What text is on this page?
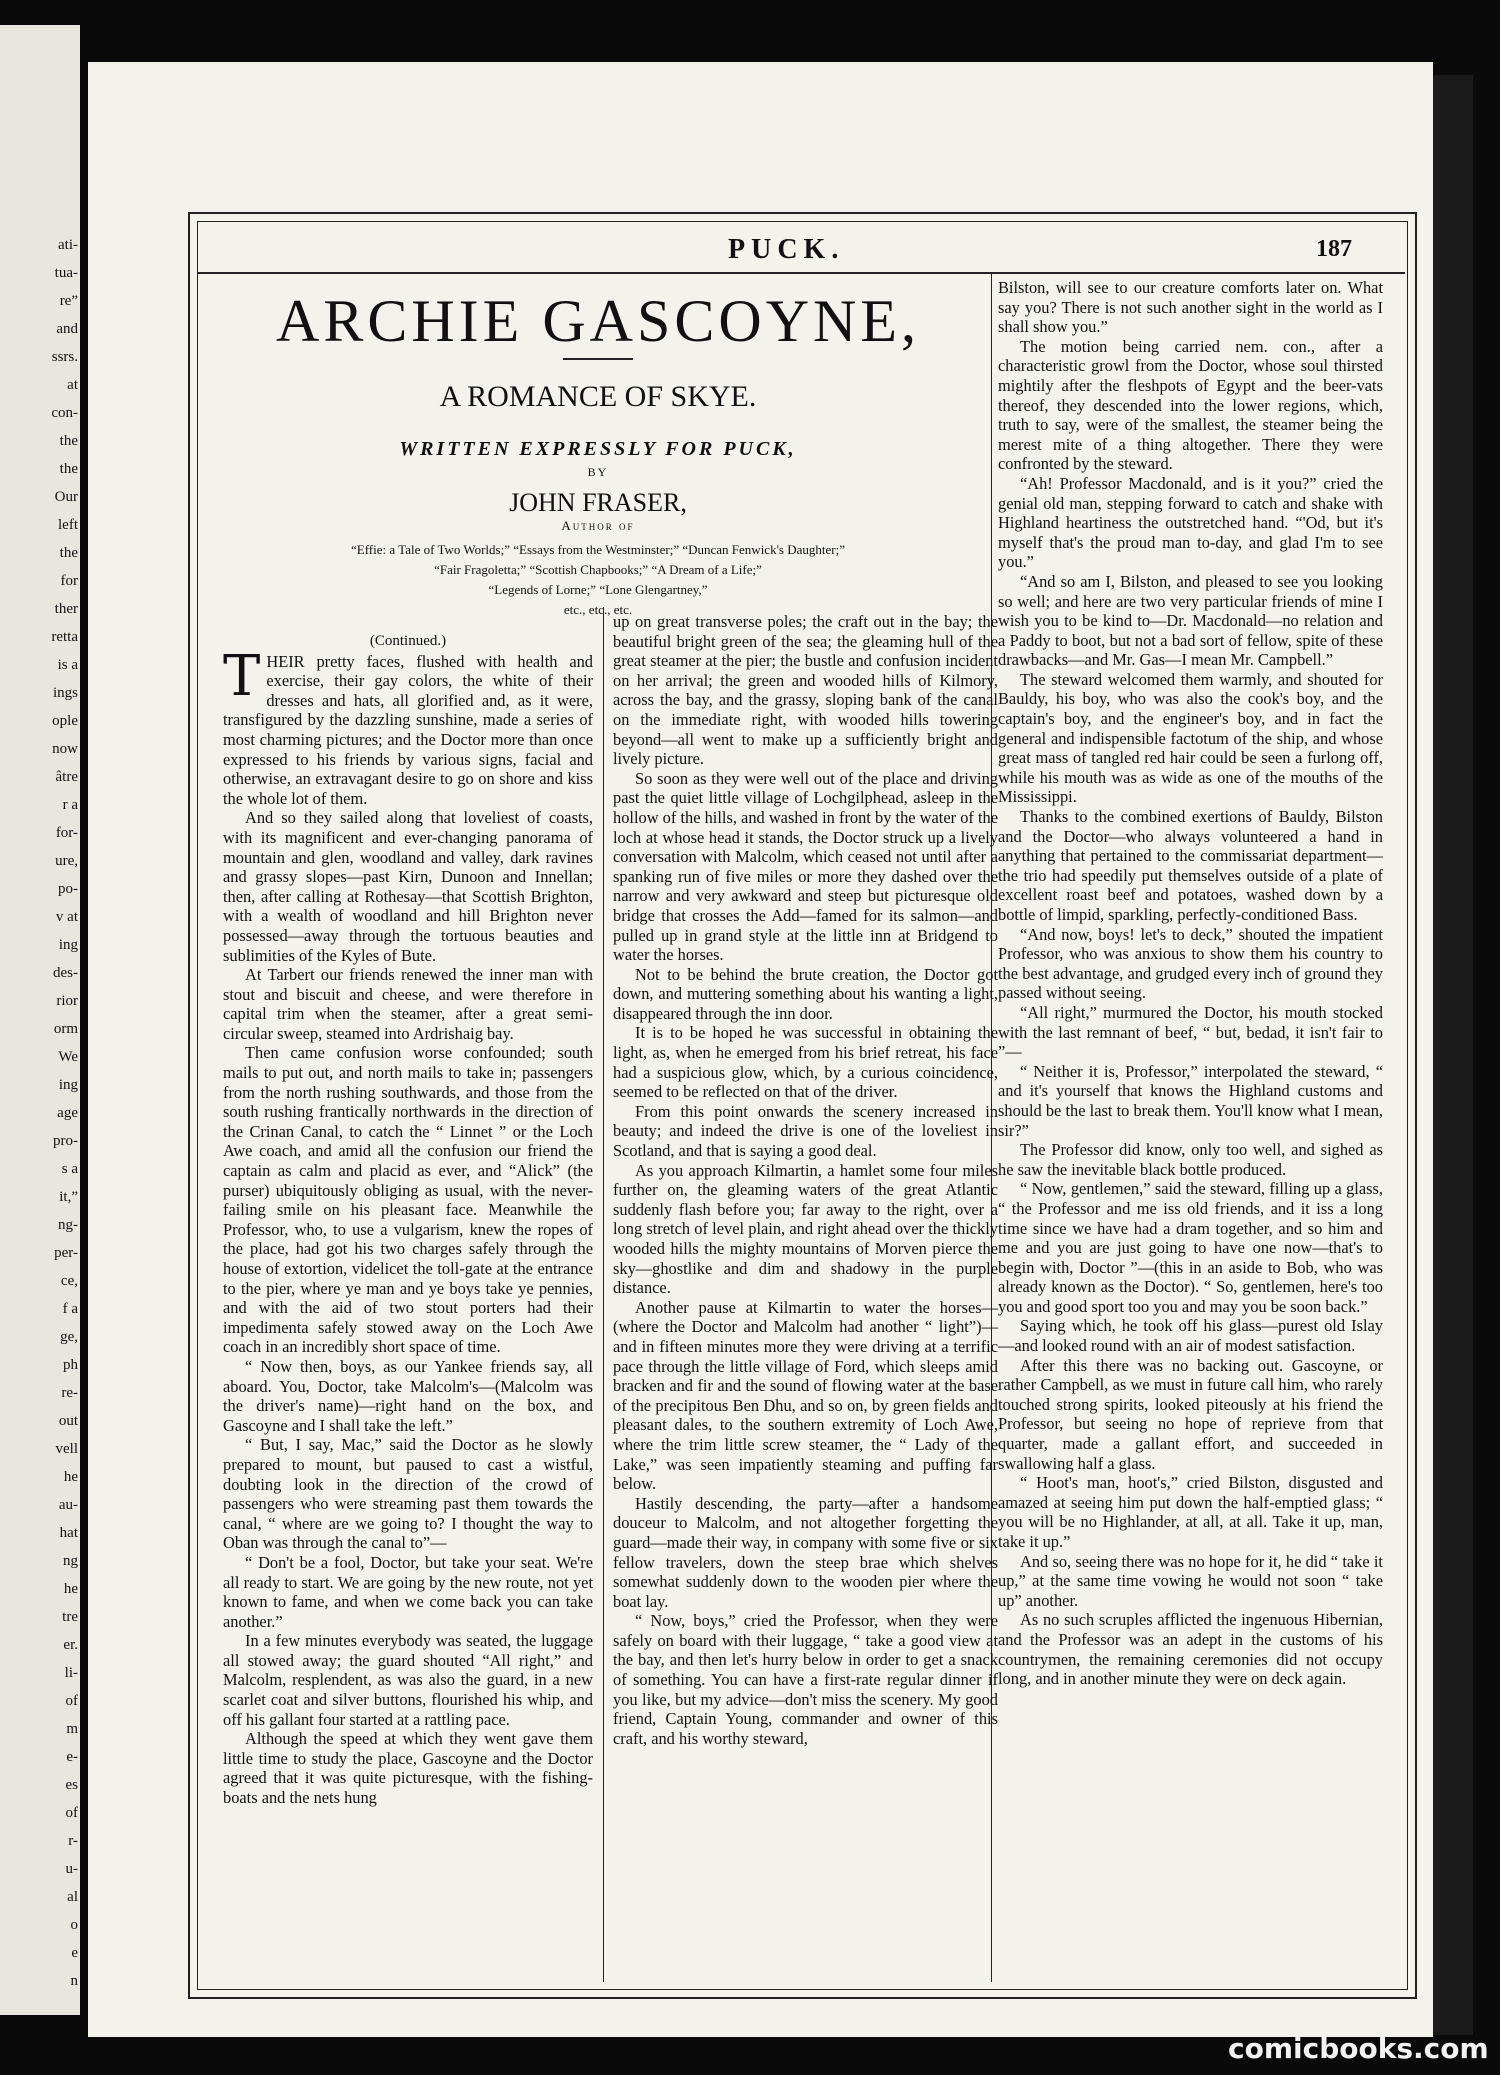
ati-
tua-
re”
and
ssrs.
at
con-
the
the
Our
left
the
for
ther
retta
is a
ings
ople
now
âtre
r a
for-
ure,
po-
v at
ing
des-
rior
orm
We
ing
age
pro-
s a
it,”
ng-
per-
ce,
f a
ge,
ph
re-
out
vell
he
au-
hat
ng
he
tre
er.
li-
of
m
e-
es
of
r-
u-
al
o
e
n
PUCK.	187
ARCHIE GASCOYNE,
A ROMANCE OF SKYE.
WRITTEN EXPRESSLY FOR PUCK,
BY
JOHN FRASER,
Author of
“Effie: a Tale of Two Worlds;” “Essays from the Westminster;” “Duncan Fenwick's Daughter;”
“Fair Fragoletta;” “Scottish Chapbooks;” “A Dream of a Life;”
“Legends of Lorne;” “Lone Glengartney,”
etc., etc., etc.
(Continued.)

THEIR pretty faces, flushed with health and exercise, their gay colors, the white of their dresses and hats, all glorified and, as it were, transfigured by the dazzling sunshine, made a series of most charming pictures; and the Doctor more than once expressed to his friends by various signs, facial and otherwise, an extravagant desire to go on shore and kiss the whole lot of them.

And so they sailed along that loveliest of coasts, with its magnificent and ever-changing panorama of mountain and glen, woodland and valley, dark ravines and grassy slopes—past Kirn, Dunoon and Innellan; then, after calling at Rothesay—that Scottish Brighton, with a wealth of woodland and hill Brighton never possessed—away through the tortuous beauties and sublimities of the Kyles of Bute.

At Tarbert our friends renewed the inner man with stout and biscuit and cheese, and were therefore in capital trim when the steamer, after a great semi-circular sweep, steamed into Ardrishaig bay.

Then came confusion worse confounded; south mails to put out, and north mails to take in; passengers from the north rushing southwards, and those from the south rushing frantically northwards in the direction of the Crinan Canal, to catch the “ Linnet ” or the Loch Awe coach, and amid all the confusion our friend the captain as calm and placid as ever, and “Alick” (the purser) ubiquitously obliging as usual, with the never-failing smile on his pleasant face. Meanwhile the Professor, who, to use a vulgarism, knew the ropes of the place, had got his two charges safely through the house of extortion, videlicet the toll-gate at the entrance to the pier, where ye man and ye boys take ye pennies, and with the aid of two stout porters had their impedimenta safely stowed away on the Loch Awe coach in an incredibly short space of time.

“ Now then, boys, as our Yankee friends say, all aboard. You, Doctor, take Malcolm's—(Malcolm was the driver's name)—right hand on the box, and Gascoyne and I shall take the left.”

“ But, I say, Mac,” said the Doctor as he slowly prepared to mount, but paused to cast a wistful, doubting look in the direction of the crowd of passengers who were streaming past them towards the canal, “ where are we going to? I thought the way to Oban was through the canal to”—

“ Don't be a fool, Doctor, but take your seat. We're all ready to start. We are going by the new route, not yet known to fame, and when we come back you can take another.”

In a few minutes everybody was seated, the luggage all stowed away; the guard shouted “All right,” and Malcolm, resplendent, as was also the guard, in a new scarlet coat and silver buttons, flourished his whip, and off his gallant four started at a rattling pace.

Although the speed at which they went gave them little time to study the place, Gascoyne and the Doctor agreed that it was quite picturesque, with the fishing-boats and the nets hung

up on great transverse poles; the craft out in the bay; the beautiful bright green of the sea; the gleaming hull of the great steamer at the pier; the bustle and confusion incident on her arrival; the green and wooded hills of Kilmory, across the bay, and the grassy, sloping bank of the canal on the immediate right, with wooded hills towering beyond—all went to make up a sufficiently bright and lively picture.

So soon as they were well out of the place and driving past the quiet little village of Lochgilphead, asleep in the hollow of the hills, and washed in front by the water of the loch at whose head it stands, the Doctor struck up a lively conversation with Malcolm, which ceased not until after a spanking run of five miles or more they dashed over the narrow and very awkward and steep but picturesque old bridge that crosses the Add—famed for its salmon—and pulled up in grand style at the little inn at Bridgend to water the horses.

Not to be behind the brute creation, the Doctor got down, and muttering something about his wanting a light, disappeared through the inn door.

It is to be hoped he was successful in obtaining the light, as, when he emerged from his brief retreat, his face had a suspicious glow, which, by a curious coincidence, seemed to be reflected on that of the driver.

From this point onwards the scenery increased in beauty; and indeed the drive is one of the loveliest in Scotland, and that is saying a good deal.

As you approach Kilmartin, a hamlet some four miles further on, the gleaming waters of the great Atlantic suddenly flash before you; far away to the right, over a long stretch of level plain, and right ahead over the thickly wooded hills the mighty mountains of Morven pierce the sky—ghostlike and dim and shadowy in the purple distance.

Another pause at Kilmartin to water the horses—(where the Doctor and Malcolm had another “ light”)—and in fifteen minutes more they were driving at a terrific pace through the little village of Ford, which sleeps amid bracken and fir and the sound of flowing water at the base of the precipitous Ben Dhu, and so on, by green fields and pleasant dales, to the southern extremity of Loch Awe, where the trim little screw steamer, the “ Lady of the Lake,” was seen impatiently steaming and puffing far below.

Hastily descending, the party—after a handsome douceur to Malcolm, and not altogether forgetting the guard—made their way, in company with some five or six fellow travelers, down the steep brae which shelves somewhat suddenly down to the wooden pier where the boat lay.

“ Now, boys,” cried the Professor, when they were safely on board with their luggage, “ take a good view at the bay, and then let's hurry below in order to get a snack of something. You can have a first-rate regular dinner if you like, but my advice—don't miss the scenery. My good friend, Captain Young, commander and owner of this craft, and his worthy steward,

Bilston, will see to our creature comforts later on. What say you? There is not such another sight in the world as I shall show you.”

The motion being carried nem. con., after a characteristic growl from the Doctor, whose soul thirsted mightily after the fleshpots of Egypt and the beer-vats thereof, they descended into the lower regions, which, truth to say, were of the smallest, the steamer being the merest mite of a thing altogether. There they were confronted by the steward.

“Ah! Professor Macdonald, and is it you?” cried the genial old man, stepping forward to catch and shake with Highland heartiness the outstretched hand. “'Od, but it's myself that's the proud man to-day, and glad I'm to see you.”

“And so am I, Bilston, and pleased to see you looking so well; and here are two very particular friends of mine I wish you to be kind to—Dr. Macdonald—no relation and a Paddy to boot, but not a bad sort of fellow, spite of these drawbacks—and Mr. Gas—I mean Mr. Campbell.”

The steward welcomed them warmly, and shouted for Bauldy, his boy, who was also the cook's boy, and the captain's boy, and the engineer's boy, and in fact the general and indispensible factotum of the ship, and whose great mass of tangled red hair could be seen a furlong off, while his mouth was as wide as one of the mouths of the Mississippi.

Thanks to the combined exertions of Bauldy, Bilston and the Doctor—who always volunteered a hand in anything that pertained to the commissariat department—the trio had speedily put themselves outside of a plate of excellent roast beef and potatoes, washed down by a bottle of limpid, sparkling, perfectly-conditioned Bass.

“And now, boys! let's to deck,” shouted the impatient Professor, who was anxious to show them his country to the best advantage, and grudged every inch of ground they passed without seeing.

“All right,” murmured the Doctor, his mouth stocked with the last remnant of beef, “ but, bedad, it isn't fair to ”—

“ Neither it is, Professor,” interpolated the steward, “ and it's yourself that knows the Highland customs and should be the last to break them. You'll know what I mean, sir?”

The Professor did know, only too well, and sighed as he saw the inevitable black bottle produced.

“ Now, gentlemen,” said the steward, filling up a glass, “ the Professor and me iss old friends, and it iss a long time since we have had a dram together, and so him and me and you are just going to have one now—that's to begin with, Doctor ”—(this in an aside to Bob, who was already known as the Doctor). “ So, gentlemen, here's too you and good sport too you and may you be soon back.”

Saying which, he took off his glass—purest old Islay—and looked round with an air of modest satisfaction.

After this there was no backing out. Gascoyne, or rather Campbell, as we must in future call him, who rarely touched strong spirits, looked piteously at his friend the Professor, but seeing no hope of reprieve from that quarter, made a gallant effort, and succeeded in swallowing half a glass.

“ Hoot's man, hoot's,” cried Bilston, disgusted and amazed at seeing him put down the half-emptied glass; “ you will be no Highlander, at all, at all. Take it up, man, take it up.”

And so, seeing there was no hope for it, he did “ take it up,” at the same time vowing he would not soon “ take up” another.

As no such scruples afflicted the ingenuous Hibernian, and the Professor was an adept in the customs of his countrymen, the remaining ceremonies did not occupy long, and in another minute they were on deck again.

comicbooks.com
